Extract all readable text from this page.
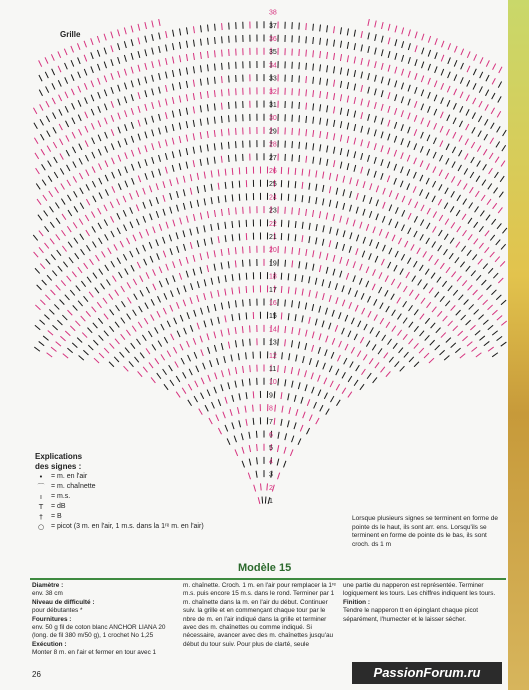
1
2
3
4
5
6
7
8
9
10
11
12
13
14
15
16
17
18
19
20
21
22
23
24
25
26
27
28
29
30
31
32
33
34
35
36
37
38
Grille
Explications
des signes :
•	= m. en l'air
⌒ = m. chaînette
ı	= m.s.
T	= dB
†	= B
○ = picot (3 m. en l'air, 1 m.s. dans la 1ʳᵉ m. en l'air)
Lorsque plusieurs signes se terminent en forme de pointe ds le haut, ils sont arr. ens. Lorsqu'ils se terminent en forme de pointe ds le bas, ils sont croch. ds 1 m
Modèle 15
Diamètre :
env. 38 cm
Niveau de difficulté :
pour débutantes *
Fournitures :
env. 50 g fil de coton blanc ANCHOR LIANA 20 (long. de fil 380 m/50 g), 1 crochet No 1,25
Exécution :
Monter 8 m. en l'air et fermer en tour avec 1
m. chaînette. Croch. 1 m. en l'air pour remplacer la 1ʳᵉ m.s. puis encore 15 m.s. dans le rond. Terminer par 1 m. chaînette dans la m. en l'air du début. Continuer suiv. la grille et en commençant chaque tour par le nbre de m. en l'air indiqué dans la grille et terminer avec des m. chaînettes ou comme indiqué. Si nécessaire, avancer avec des m. chaînettes jusqu'au début du tour suiv. Pour plus de clarté, seule
une partie du napperon est représentée. Terminer logiquement les tours. Les chiffres indiquent les tours.
Finition :
Tendre le napperon tt en épinglant chaque picot séparément, l'humecter et le laisser sécher.
26	PassionForum.ru
